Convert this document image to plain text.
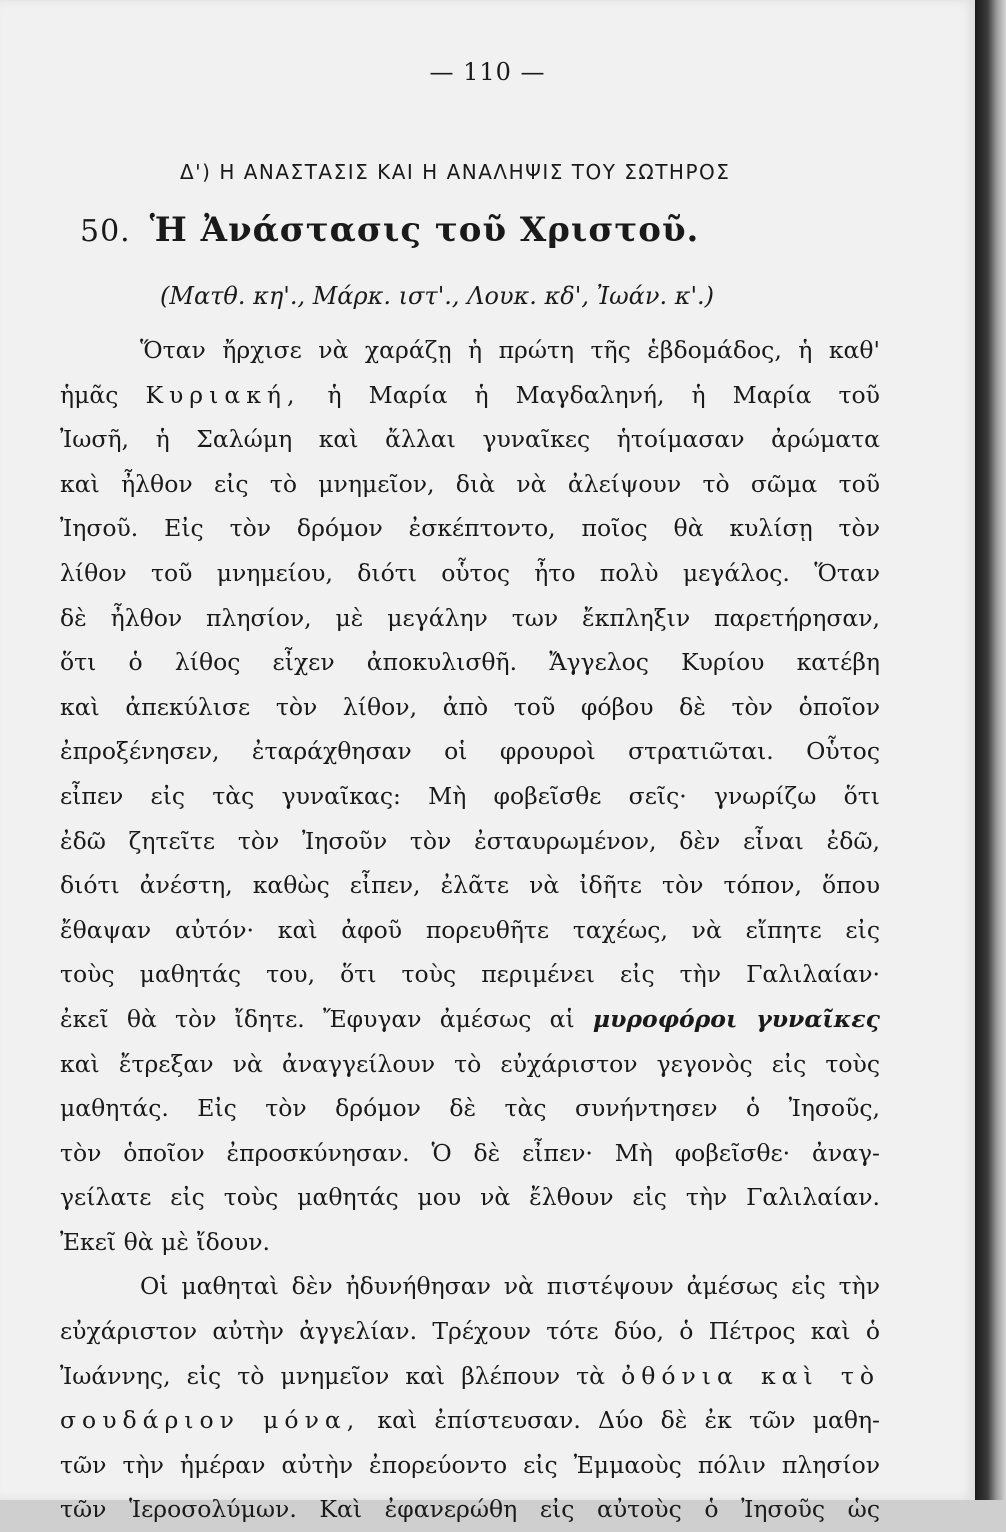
— 110 —
Δ') Η ΑΝΑΣΤΑΣΙΣ ΚΑΙ Η ΑΝΑΛΗΨΙΣ ΤΟΥ ΣΩΤΗΡΟΣ
50. Ἡ Ἀνάστασις τοῦ Χριστοῦ.
(Ματθ. κη'., Μάρκ. ιστ'., Λουκ. κδ', Ἰωάν. κ'.)
Ὅταν ἤρχισε νὰ χαράζῃ ἡ πρώτη τῆς ἑβδομάδος, ἡ καθ'
ἡμᾶς Κυριακή, ἡ Μαρία ἡ Μαγδαληνή, ἡ Μαρία τοῦ
Ἰωσῆ, ἡ Σαλώμη καὶ ἄλλαι γυναῖκες ἡτοίμασαν ἀρώματα
καὶ ἦλθον εἰς τὸ μνημεῖον, διὰ νὰ ἀλείψουν τὸ σῶμα τοῦ
Ἰησοῦ. Εἰς τὸν δρόμον ἐσκέπτοντο, ποῖος θὰ κυλίσῃ τὸν
λίθον τοῦ μνημείου, διότι οὗτος ἦτο πολὺ μεγάλος. Ὅταν
δὲ ἦλθον πλησίον, μὲ μεγάλην των ἔκπληξιν παρετήρησαν,
ὅτι ὁ λίθος εἶχεν ἀποκυλισθῆ. Ἄγγελος Κυρίου κατέβη
καὶ ἀπεκύλισε τὸν λίθον, ἀπὸ τοῦ φόβου δὲ τὸν ὁποῖον
ἐπροξένησεν, ἐταράχθησαν οἱ φρουροὶ στρατιῶται. Οὗτος
εἶπεν εἰς τὰς γυναῖκας: Μὴ φοβεῖσθε σεῖς· γνωρίζω ὅτι
ἐδῶ ζητεῖτε τὸν Ἰησοῦν τὸν ἐσταυρωμένον, δὲν εἶναι ἐδῶ,
διότι ἀνέστη, καθὼς εἶπεν, ἐλᾶτε νὰ ἰδῆτε τὸν τόπον, ὅπου
ἔθαψαν αὐτόν· καὶ ἀφοῦ πορευθῆτε ταχέως, νὰ εἴπητε εἰς
τοὺς μαθητάς του, ὅτι τοὺς περιμένει εἰς τὴν Γαλιλαίαν·
ἐκεῖ θὰ τὸν ἴδητε. Ἔφυγαν ἀμέσως αἱ μυροφόροι γυναῖκες
καὶ ἔτρεξαν νὰ ἀναγγείλουν τὸ εὐχάριστον γεγονὸς εἰς τοὺς
μαθητάς. Εἰς τὸν δρόμον δὲ τὰς συνήντησεν ὁ Ἰησοῦς,
τὸν ὁποῖον ἐπροσκύνησαν. Ὁ δὲ εἶπεν· Μὴ φοβεῖσθε· ἀναγ-
γείλατε εἰς τοὺς μαθητάς μου νὰ ἔλθουν εἰς τὴν Γαλιλαίαν.
Ἐκεῖ θὰ μὲ ἴδουν.
Οἱ μαθηταὶ δὲν ἠδυνήθησαν νὰ πιστέψουν ἀμέσως εἰς τὴν
εὐχάριστον αὐτὴν ἀγγελίαν. Τρέχουν τότε δύο, ὁ Πέτρος καὶ ὁ
Ἰωάννης, εἰς τὸ μνημεῖον καὶ βλέπουν τὰ ὀθόνια καὶ τὸ
σουδάριον μόνα, καὶ ἐπίστευσαν. Δύο δὲ ἐκ τῶν μαθη-
τῶν τὴν ἡμέραν αὐτὴν ἐπορεύοντο εἰς Ἐμμαοὺς πόλιν πλησίον
τῶν Ἱεροσολύμων. Καὶ ἐφανερώθη εἰς αὐτοὺς ὁ Ἰησοῦς ὡς
